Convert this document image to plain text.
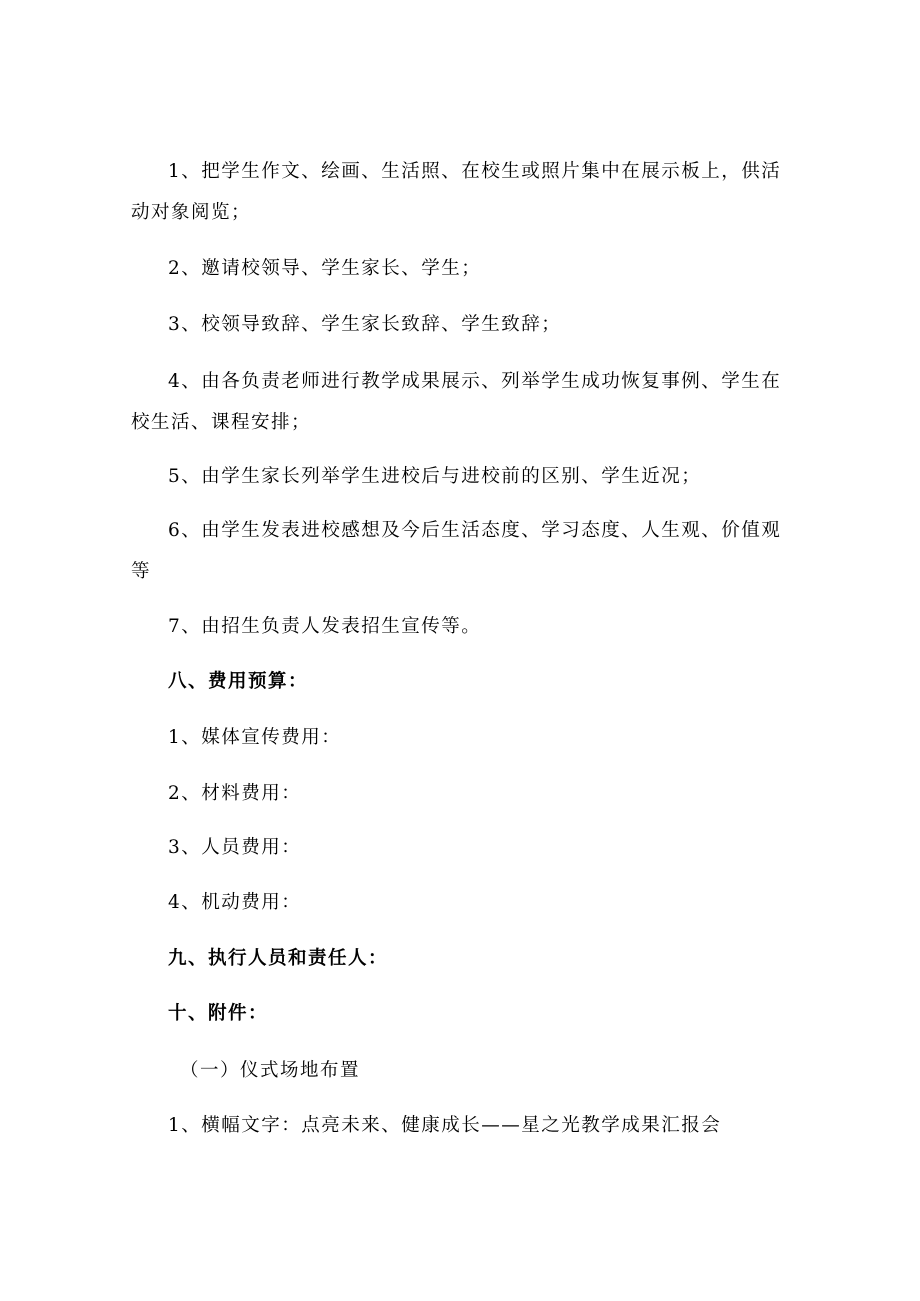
1、把学生作文、绘画、生活照、在校生或照片集中在展示板上，供活动对象阅览；
2、邀请校领导、学生家长、学生；
3、校领导致辞、学生家长致辞、学生致辞；
4、由各负责老师进行教学成果展示、列举学生成功恢复事例、学生在校生活、课程安排；
5、由学生家长列举学生进校后与进校前的区别、学生近况；
6、由学生发表进校感想及今后生活态度、学习态度、人生观、价值观等
7、由招生负责人发表招生宣传等。
八、费用预算：
1、媒体宣传费用：
2、材料费用：
3、人员费用：
4、机动费用：
九、执行人员和责任人：
十、附件：
（一）仪式场地布置
1、横幅文字：点亮未来、健康成长——星之光教学成果汇报会
